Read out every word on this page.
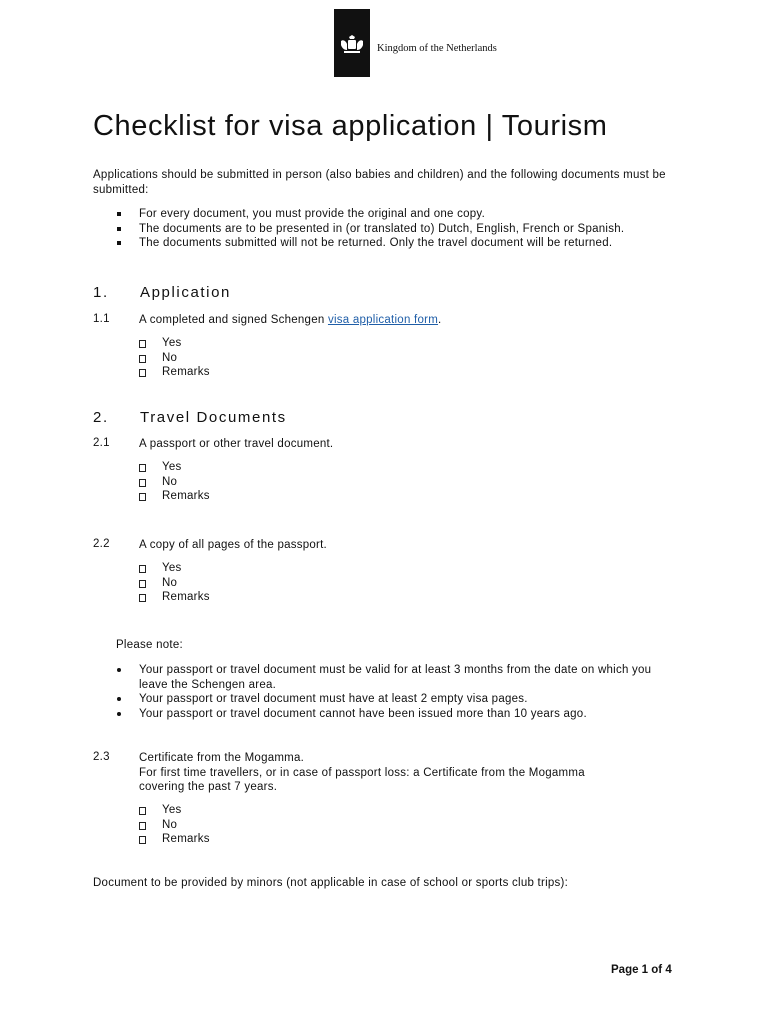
Kingdom of the Netherlands
Checklist for visa application | Tourism
Applications should be submitted in person (also babies and children) and the following documents must be submitted:
For every document, you must provide the original and one copy.
The documents are to be presented in (or translated to) Dutch, English, French or Spanish.
The documents submitted will not be returned. Only the travel document will be returned.
1. Application
1.1	A completed and signed Schengen visa application form.
Yes
No
Remarks
2. Travel Documents
2.1	A passport or other travel document.
Yes
No
Remarks
2.2	A copy of all pages of the passport.
Yes
No
Remarks
Please note:
Your passport or travel document must be valid for at least 3 months from the date on which you leave the Schengen area.
Your passport or travel document must have at least 2 empty visa pages.
Your passport or travel document cannot have been issued more than 10 years ago.
2.3	Certificate from the Mogamma.
For first time travellers, or in case of passport loss: a Certificate from the Mogamma
covering the past 7 years.
Yes
No
Remarks
Document to be provided by minors (not applicable in case of school or sports club trips):
Page 1 of 4
